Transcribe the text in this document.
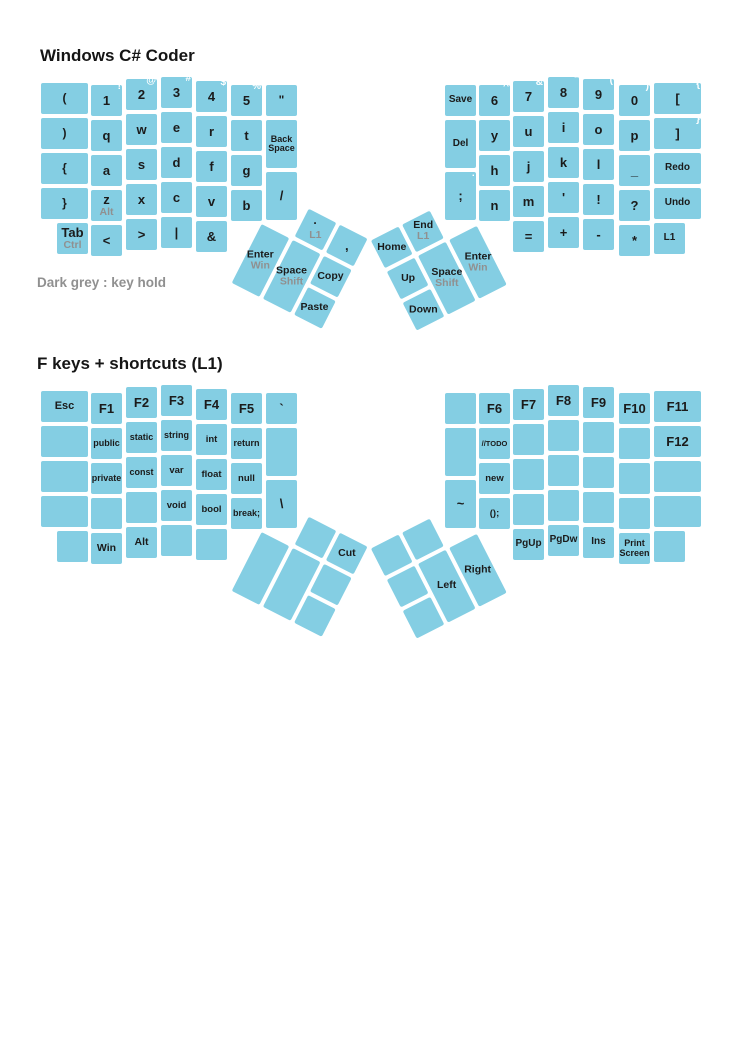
Windows C# Coder
Dark grey : key hold
F keys + shortcuts (L1)
(
)
{
}
!
1
q
a
z
Alt
@
2
w
s
x
#
3
e
d
c
$
4
r
f
v
%
5
t
g
b
"
Back Space
/
Tab
Ctrl < > | &
Save
Del
:
;
^
6
y
h
n
&
7
u
j
m
*
8
i
k
'
(
9
o
l
!
)
0
p
_
?
{
[
}
]
Redo
Undo
= + - *	L1
·
L1
,
Enter
Win Space
Shift Copy
Paste
Home
End
L1
Up
Down
Space
Shift
Enter
Win
Esc F1
public
private
F2
static
const
F3
string
var
void
F4
int
float
bool
F5
return
null
break;
`
\
Win Alt
~
F6
//TODO
new
();
F7 F8 F9 F10 F11
F12
PgUp PgDw Ins	Print Screen
Cut
Left
Right
